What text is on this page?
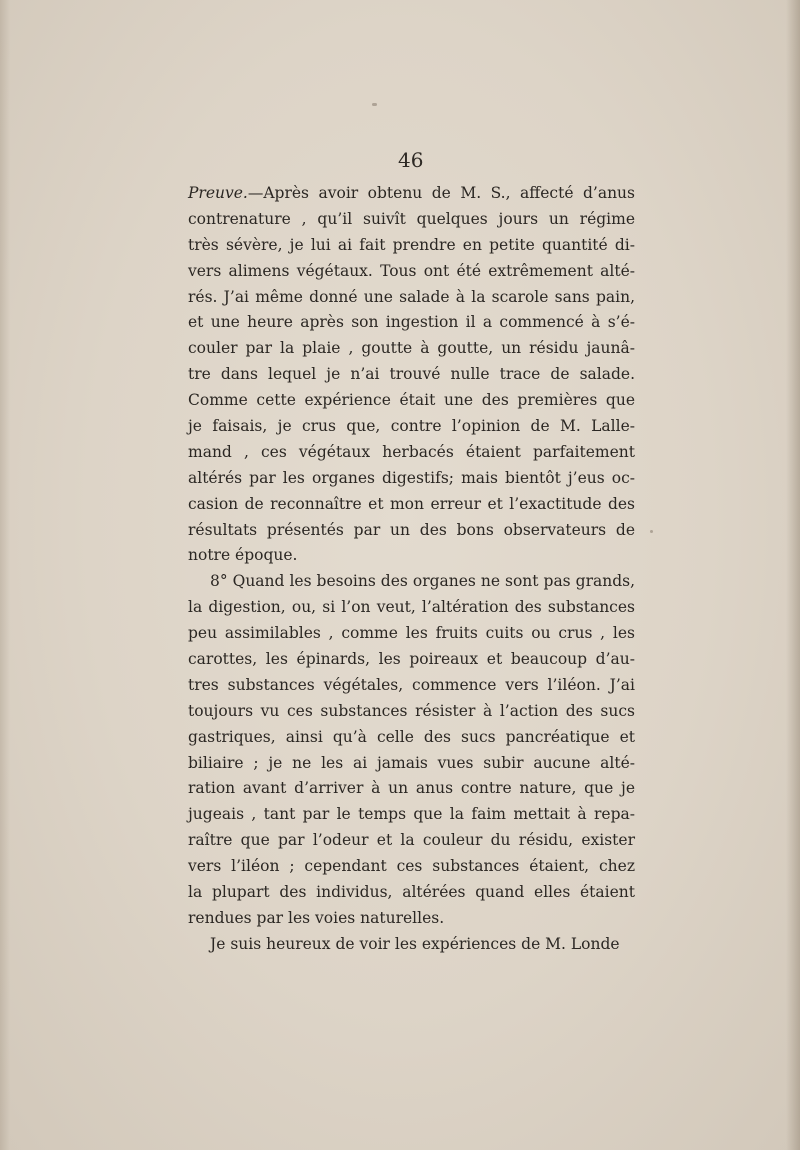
46
Preuve.—Après avoir obtenu de M. S., affecté d’anus
contrenature , qu’il suivît quelques jours un régime
très sévère, je lui ai fait prendre en petite quantité di-
vers alimens végétaux. Tous ont été extrêmement alté-
rés. J’ai même donné une salade à la scarole sans pain,
et une heure après son ingestion il a commencé à s’é-
couler par la plaie , goutte à goutte, un résidu jaunâ-
tre dans lequel je n’ai trouvé nulle trace de salade.
Comme cette expérience était une des premières que
je faisais, je crus que, contre l’opinion de M. Lalle-
mand , ces végétaux herbacés étaient parfaitement
altérés par les organes digestifs; mais bientôt j’eus oc-
casion de reconnaître et mon erreur et l’exactitude des
résultats présentés par un des bons observateurs de
notre époque.
8° Quand les besoins des organes ne sont pas grands,
la digestion, ou, si l’on veut, l’altération des substances
peu assimilables , comme les fruits cuits ou crus , les
carottes, les épinards, les poireaux et beaucoup d’au-
tres substances végétales, commence vers l’iléon. J’ai
toujours vu ces substances résister à l’action des sucs
gastriques, ainsi qu’à celle des sucs pancréatique et
biliaire ; je ne les ai jamais vues subir aucune alté-
ration avant d’arriver à un anus contre nature, que je
jugeais , tant par le temps que la faim mettait à repa-
raître que par l’odeur et la couleur du résidu, exister
vers l’iléon ; cependant ces substances étaient, chez
la plupart des individus, altérées quand elles étaient
rendues par les voies naturelles.
Je suis heureux de voir les expériences de M. Londe
